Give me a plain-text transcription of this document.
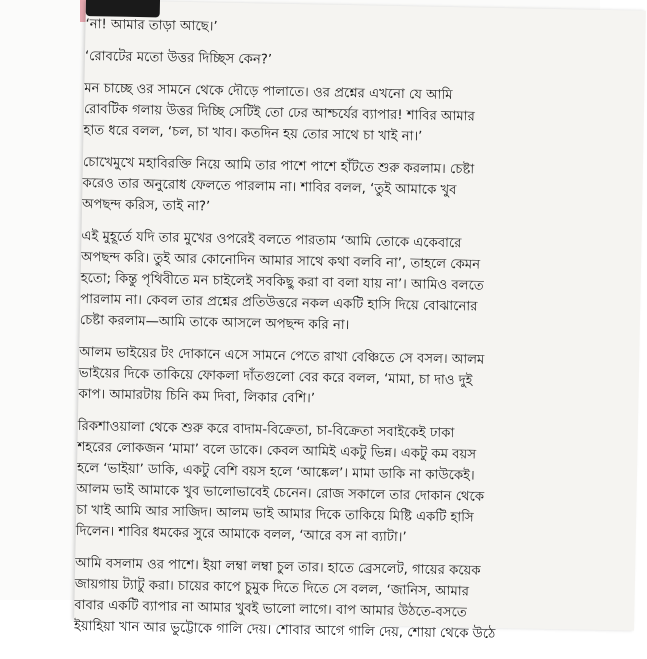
‘না! আমার তাড়া আছে।’

‘রোবটের মতো উত্তর দিচ্ছিস কেন?’

মন চাচ্ছে ওর সামনে থেকে দৌড়ে পালাতে। ওর প্রশ্নের এখনো যে আমি
রোবটিক গলায় উত্তর দিচ্ছি সেটিই তো ঢের আশ্চর্যের ব্যাপার! শাবির আমার
হাত ধরে বলল, ‘চল, চা খাব। কতদিন হয় তোর সাথে চা খাই না।’

চোখেমুখে মহাবিরক্তি নিয়ে আমি তার পাশে পাশে হাঁটতে শুরু করলাম। চেষ্টা
করেও তার অনুরোধ ফেলতে পারলাম না। শাবির বলল, ‘তুই আমাকে খুব
অপছন্দ করিস, তাই না?’

এই মুহূর্তে যদি তার মুখের ওপরেই বলতে পারতাম ‘আমি তোকে একেবারে
অপছন্দ করি। তুই আর কোনোদিন আমার সাথে কথা বলবি না’, তাহলে কেমন
হতো; কিন্তু পৃথিবীতে মন চাইলেই সবকিছু করা বা বলা যায় না’। আমিও বলতে
পারলাম না। কেবল তার প্রশ্নের প্রতিউত্তরে নকল একটি হাসি দিয়ে বোঝানোর
চেষ্টা করলাম—আমি তাকে আসলে অপছন্দ করি না।

আলম ভাইয়ের টং দোকানে এসে সামনে পেতে রাখা বেঞ্চিতে সে বসল। আলম
ভাইয়ের দিকে তাকিয়ে ফোকলা দাঁতগুলো বের করে বলল, ‘মামা, চা দাও দুই
কাপ। আমারটায় চিনি কম দিবা, লিকার বেশি।’

রিকশাওয়ালা থেকে শুরু করে বাদাম-বিক্রেতা, চা-বিক্রেতা সবাইকেই ঢাকা
শহরের লোকজন ‘মামা’ বলে ডাকে। কেবল আমিই একটু ভিন্ন। একটু কম বয়স
হলে ‘ভাইয়া’ ডাকি, একটু বেশি বয়স হলে ‘আঙ্কেল’। মামা ডাকি না কাউকেই।
আলম ভাই আমাকে খুব ভালোভাবেই চেনেন। রোজ সকালে তার দোকান থেকে
চা খাই আমি আর সাজিদ। আলম ভাই আমার দিকে তাকিয়ে মিষ্টি একটি হাসি
দিলেন। শাবির ধমকের সুরে আমাকে বলল, ‘আরে বস না ব্যাটা।’

আমি বসলাম ওর পাশে। ইয়া লম্বা লম্বা চুল তার। হাতে ব্রেসলেট, গায়ের কয়েক
জায়গায় ট্যাটু করা। চায়ের কাপে চুমুক দিতে দিতে সে বলল, ‘জানিস, আমার
বাবার একটি ব্যাপার না আমার খুবই ভালো লাগে। বাপ আমার উঠতে-বসতে
ইয়াহিয়া খান আর ভুট্টোকে গালি দেয়। শোবার আগে গালি দেয়, শোয়া থেকে উঠে
